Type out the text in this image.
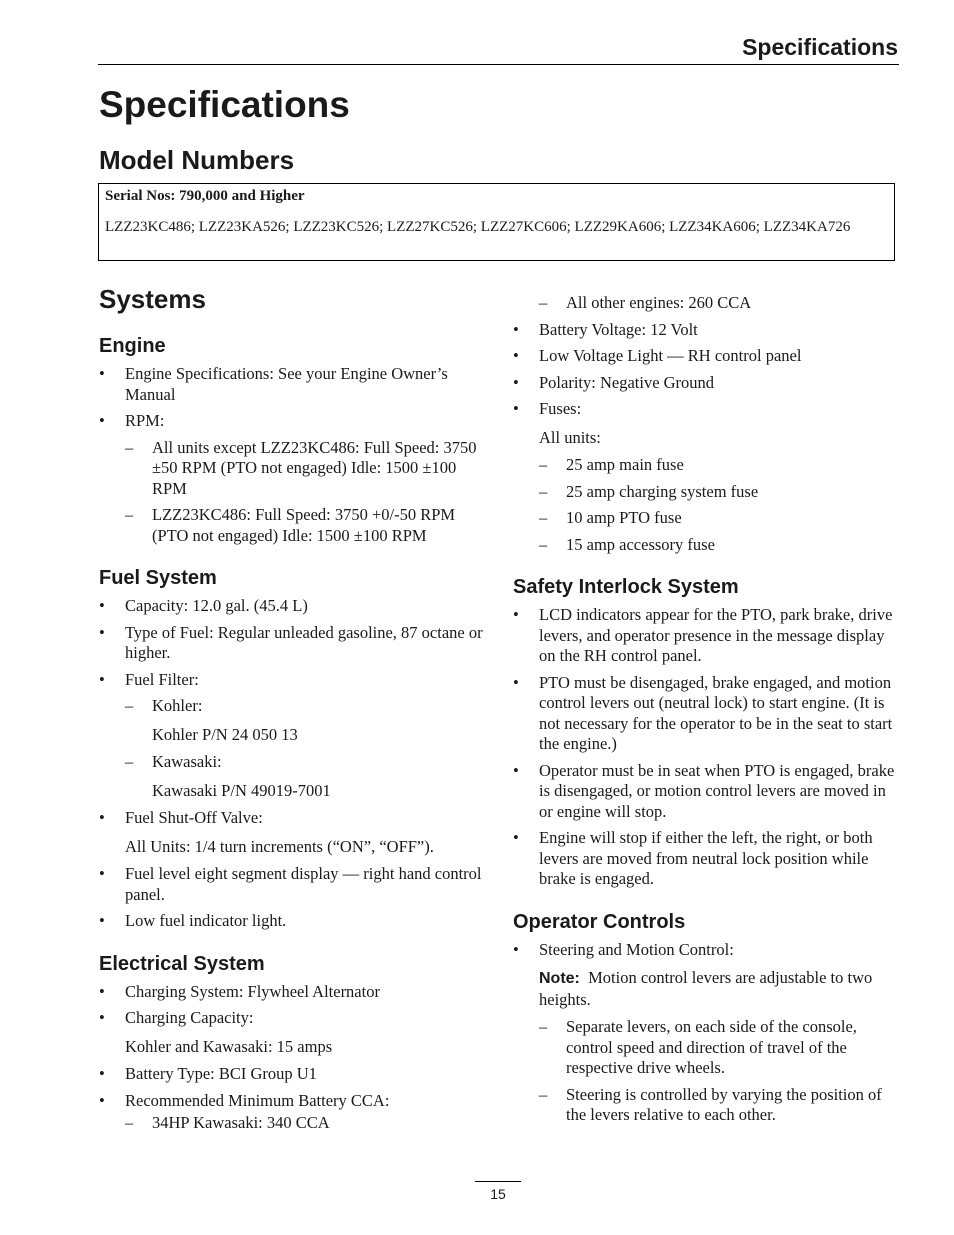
Specifications
Specifications
Model Numbers
Serial Nos: 790,000 and Higher
LZZ23KC486; LZZ23KA526; LZZ23KC526; LZZ27KC526; LZZ27KC606; LZZ29KA606; LZZ34KA606; LZZ34KA726
Systems
Engine
•	Engine Specifications: See your Engine Owner’s Manual
•	RPM:
– All units except LZZ23KC486: Full Speed: 3750 ±50 RPM (PTO not engaged) Idle: 1500 ±100 RPM
– LZZ23KC486: Full Speed: 3750 +0/-50 RPM (PTO not engaged) Idle: 1500 ±100 RPM
Fuel System
•	Capacity: 12.0 gal. (45.4 L)
•	Type of Fuel: Regular unleaded gasoline, 87 octane or higher.
•	Fuel Filter:
– Kohler:
Kohler P/N 24 050 13
– Kawasaki:
Kawasaki P/N 49019-7001
•	Fuel Shut-Off Valve:
All Units: 1/4 turn increments (“ON”, “OFF”).
•	Fuel level eight segment display — right hand control panel.
•	Low fuel indicator light.
Electrical System
•	Charging System: Flywheel Alternator
•	Charging Capacity:
Kohler and Kawasaki: 15 amps
•	Battery Type: BCI Group U1
•	Recommended Minimum Battery CCA:
– 34HP Kawasaki: 340 CCA
– All other engines: 260 CCA
•	Battery Voltage: 12 Volt
•	Low Voltage Light — RH control panel
•	Polarity: Negative Ground
•	Fuses:
All units:
– 25 amp main fuse
– 25 amp charging system fuse
– 10 amp PTO fuse
– 15 amp accessory fuse
Safety Interlock System
•	LCD indicators appear for the PTO, park brake, drive levers, and operator presence in the message display on the RH control panel.
•	PTO must be disengaged, brake engaged, and motion control levers out (neutral lock) to start engine. (It is not necessary for the operator to be in the seat to start the engine.)
•	Operator must be in seat when PTO is engaged, brake is disengaged, or motion control levers are moved in or engine will stop.
•	Engine will stop if either the left, the right, or both levers are moved from neutral lock position while brake is engaged.
Operator Controls
•	Steering and Motion Control:
Note: Motion control levers are adjustable to two heights.
– Separate levers, on each side of the console, control speed and direction of travel of the respective drive wheels.
– Steering is controlled by varying the position of the levers relative to each other.
15
